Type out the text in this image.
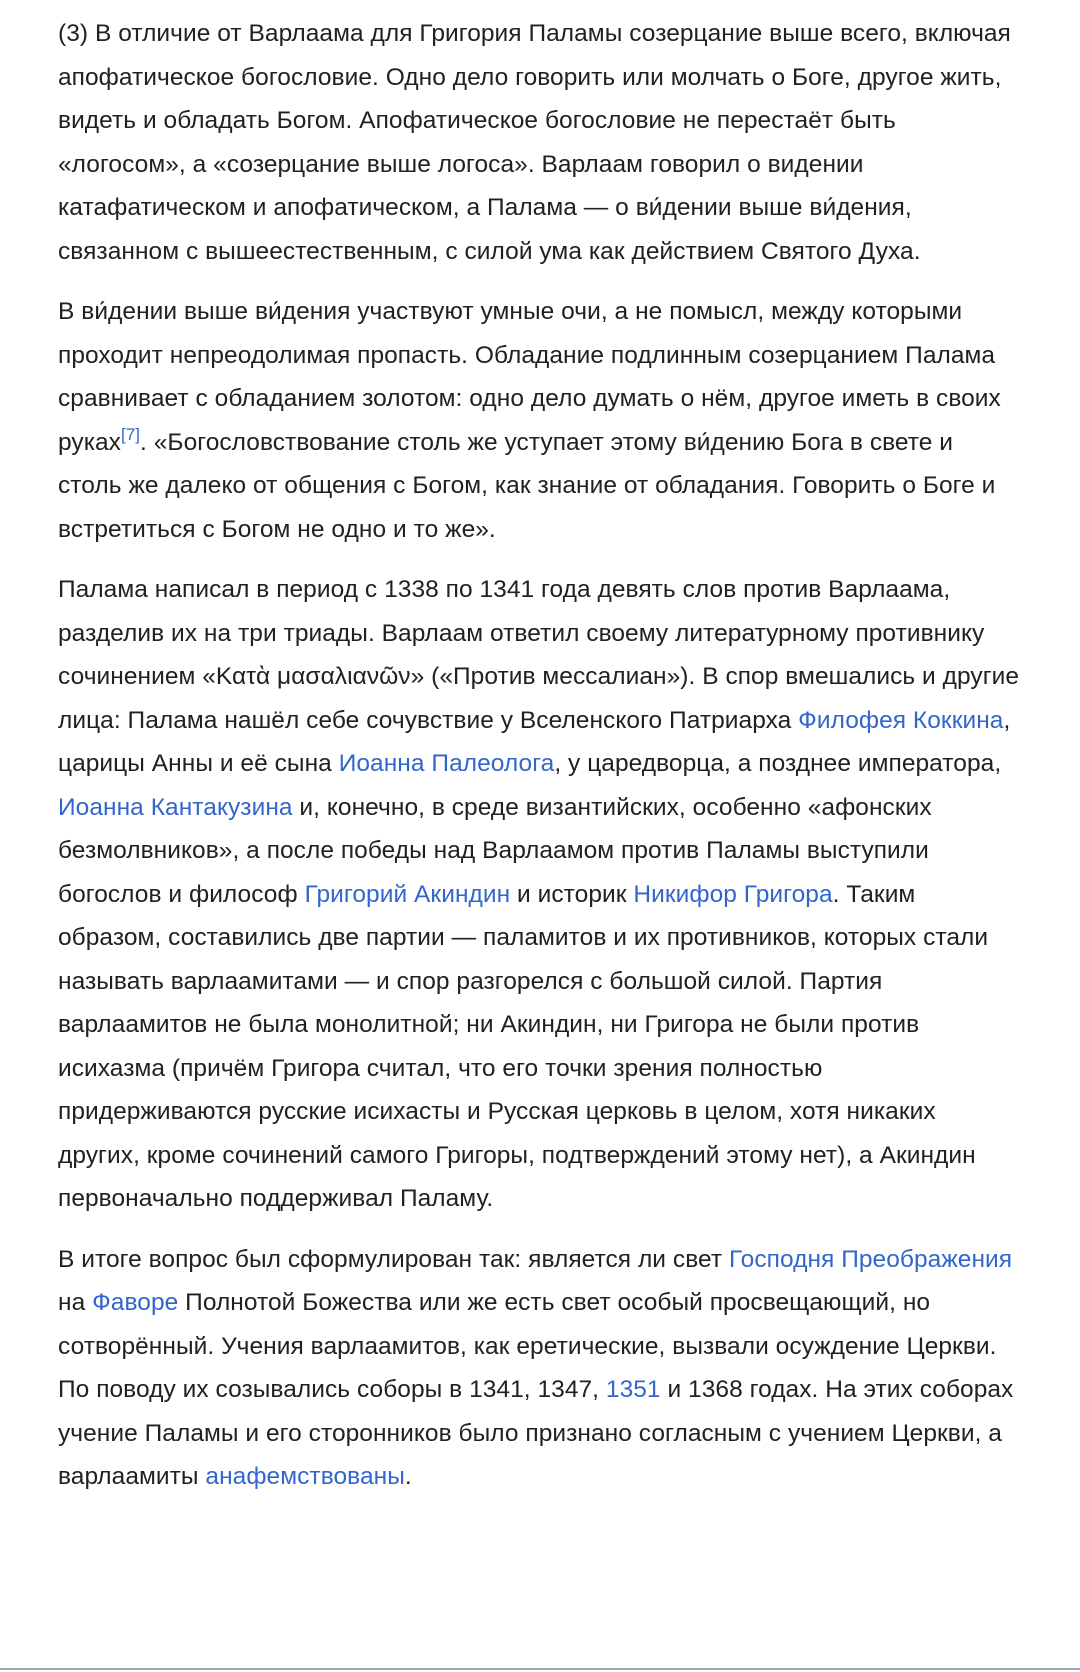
(3) В отличие от Варлаама для Григория Паламы созерцание выше всего, включая апофатическое богословие. Одно дело говорить или молчать о Боге, другое жить, видеть и обладать Богом. Апофатическое богословие не перестаёт быть «логосом», а «созерцание выше логоса». Варлаам говорил о видении катафатическом и апофатическом, а Палама — о ви́дении выше ви́дения, связанном с вышеестественным, с силой ума как действием Святого Духа.

В ви́дении выше ви́дения участвуют умные очи, а не помысл, между которыми проходит непреодолимая пропасть. Обладание подлинным созерцанием Палама сравнивает с обладанием золотом: одно дело думать о нём, другое иметь в своих руках[7]. «Богословствование столь же уступает этому ви́дению Бога в свете и столь же далеко от общения с Богом, как знание от обладания. Говорить о Боге и встретиться с Богом не одно и то же».

Палама написал в период с 1338 по 1341 года девять слов против Варлаама, разделив их на три триады. Варлаам ответил своему литературному противнику сочинением «Κατὰ μασαλιανῶν» («Против мессалиан»). В спор вмешались и другие лица: Палама нашёл себе сочувствие у Вселенского Патриарха Филофея Коккина, царицы Анны и её сына Иоанна Палеолога, у царедворца, а позднее императора, Иоанна Кантакузина и, конечно, в среде византийских, особенно «афонских безмолвников», а после победы над Варлаамом против Паламы выступили богослов и философ Григорий Акиндин и историк Никифор Григора. Таким образом, составились две партии — паламитов и их противников, которых стали называть варлаамитами — и спор разгорелся с большой силой. Партия варлаамитов не была монолитной; ни Акиндин, ни Григора не были против исихазма (причём Григора считал, что его точки зрения полностью придерживаются русские исихасты и Русская церковь в целом, хотя никаких других, кроме сочинений самого Григоры, подтверждений этому нет), а Акиндин первоначально поддерживал Паламу.

В итоге вопрос был сформулирован так: является ли свет Господня Преображения на Фаворе Полнотой Божества или же есть свет особый просвещающий, но сотворённый. Учения варлаамитов, как еретические, вызвали осуждение Церкви. По поводу их созывались соборы в 1341, 1347, 1351 и 1368 годах. На этих соборах учение Паламы и его сторонников было признано согласным с учением Церкви, а варлаамиты анафемствованы.
